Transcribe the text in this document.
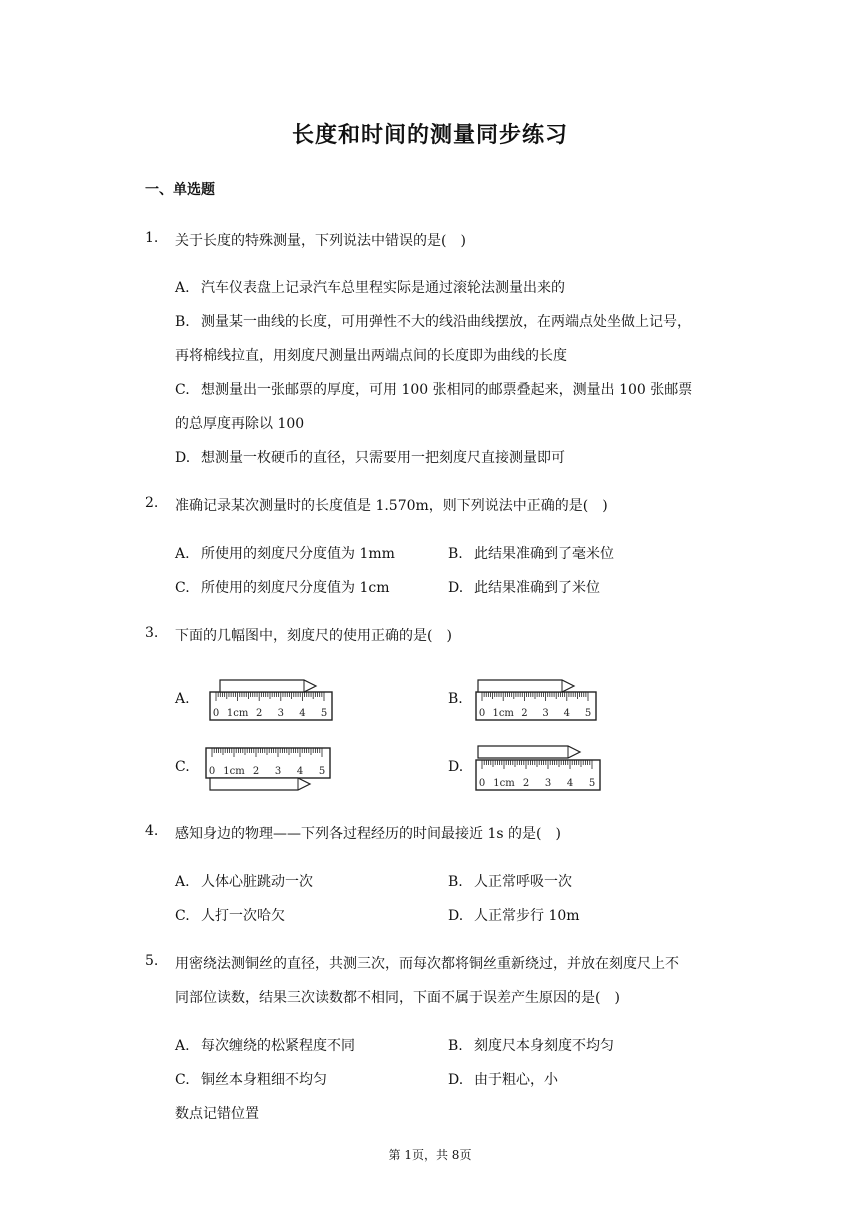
长度和时间的测量同步练习
一、单选题
1. 关于长度的特殊测量，下列说法中错误的是(　)
A. 汽车仪表盘上记录汽车总里程实际是通过滚轮法测量出来的
B. 测量某一曲线的长度，可用弹性不大的线沿曲线摆放，在两端点处坐做上记号，
再将棉线拉直，用刻度尺测量出两端点间的长度即为曲线的长度
C. 想测量出一张邮票的厚度，可用 100 张相同的邮票叠起来，测量出 100 张邮票
的总厚度再除以 100
D. 想测量一枚硬币的直径，只需要用一把刻度尺直接测量即可
2. 准确记录某次测量时的长度值是 1.570m，则下列说法中正确的是(　)
A. 所使用的刻度尺分度值为 1mm	B. 此结果准确到了毫米位
C. 所使用的刻度尺分度值为 1cm	D. 此结果准确到了米位
3. 下面的几幅图中，刻度尺的使用正确的是(　)
A.	B.
C.	D.
0 1cm 2 3 4 5	0 1cm 2 3 4 5
0 1cm 2 3 4 5
0 1cm 2 3 4 5
4. 感知身边的物理——下列各过程经历的时间最接近 1s 的是(　)
A. 人体心脏跳动一次	B. 人正常呼吸一次
C. 人打一次哈欠	D. 人正常步行 10m
5. 用密绕法测铜丝的直径，共测三次，而每次都将铜丝重新绕过，并放在刻度尺上不
同部位读数，结果三次读数都不相同，下面不属于误差产生原因的是(　)
A. 每次缠绕的松紧程度不同	B. 刻度尺本身刻度不均匀
C. 铜丝本身粗细不均匀	D. 由于粗心，小
数点记错位置
第 1页，共 8页
